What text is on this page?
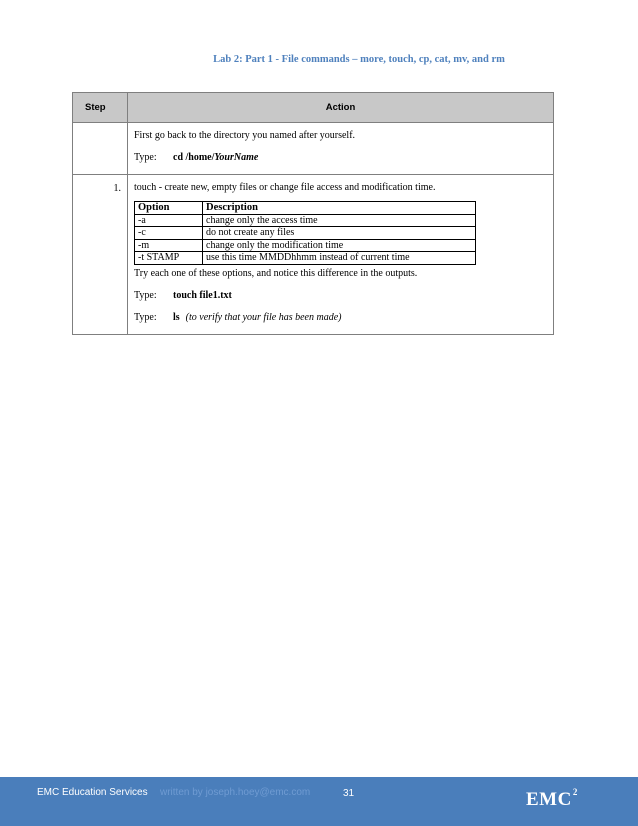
Lab 2: Part 1 - File commands – more, touch, cp, cat, mv, and rm
Step	Action

First go back to the directory you named after yourself.

Type: cd /home/YourName

1.	touch - create new, empty files or change file access and modification time.

Option	Description
-a	change only the access time
-c	do not create any files
-m	change only the modification time
-t STAMP	use this time MMDDhhmm instead of current time

Try each one of these options, and notice this difference in the outputs.

Type: touch file1.txt

Type: ls (to verify that your file has been made)

EMC Education Services written by joseph.hoey@emc.com	31	EMC$^2$
